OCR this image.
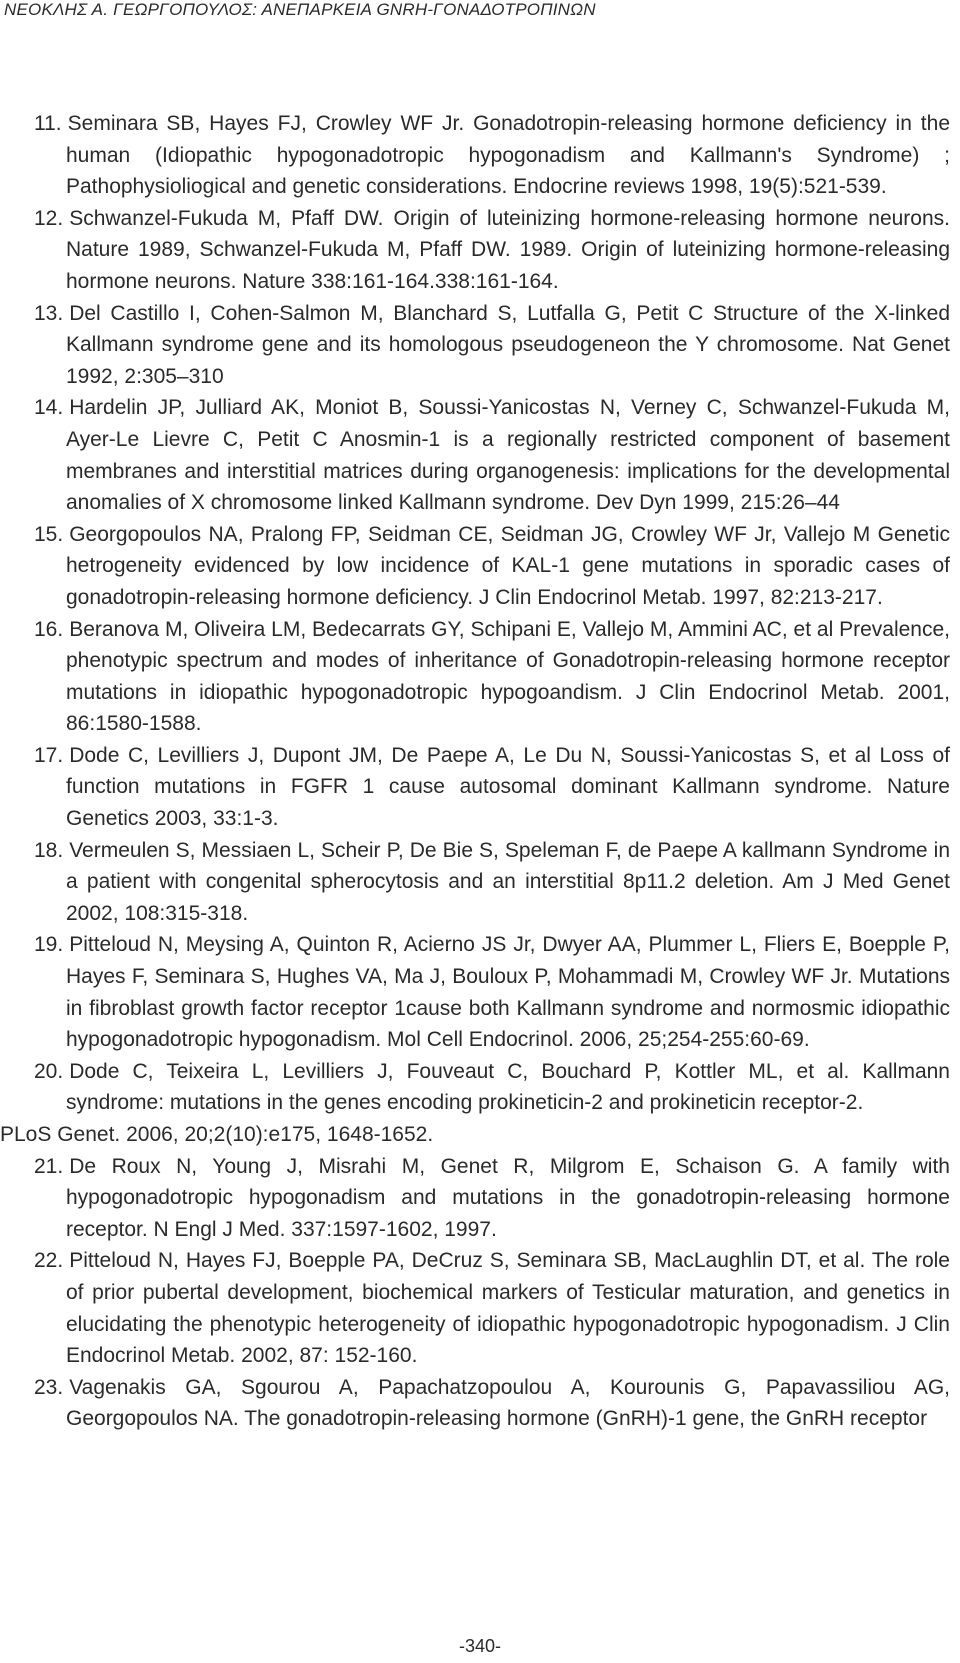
ΝΕΟΚΛΗΣ Α. ΓΕΩΡΓΟΠΟΥΛΟΣ: ΑΝΕΠΑΡΚΕΙΑ GNRH-ΓΟΝΑΔΟΤΡΟΠΙΝΩΝ
11. Seminara SB, Hayes FJ, Crowley WF Jr. Gonadotropin-releasing hormone deficiency in the human (Idiopathic hypogonadotropic hypogonadism and Kallmann's Syndrome) ; Pathophysioliogical and genetic considerations. Endocrine reviews 1998, 19(5):521-539.
12. Schwanzel-Fukuda M, Pfaff DW. Origin of luteinizing hormone-releasing hormone neurons. Nature 1989, Schwanzel-Fukuda M, Pfaff DW. 1989. Origin of luteinizing hormone-releasing hormone neurons. Nature 338:161-164.338:161-164.
13. Del Castillo I, Cohen-Salmon M, Blanchard S, Lutfalla G, Petit C Structure of the X-linked Kallmann syndrome gene and its homologous pseudogeneon the Y chromosome. Nat Genet 1992, 2:305–310
14. Hardelin JP, Julliard AK, Moniot B, Soussi-Yanicostas N, Verney C, Schwanzel-Fukuda M, Ayer-Le Lievre C, Petit C Anosmin-1 is a regionally restricted component of basement membranes and interstitial matrices during organogenesis: implications for the developmental anomalies of X chromosome linked Kallmann syndrome. Dev Dyn 1999, 215:26–44
15. Georgopoulos NA, Pralong FP, Seidman CE, Seidman JG, Crowley WF Jr, Vallejo M Genetic hetrogeneity evidenced by low incidence of KAL-1 gene mutations in sporadic cases of gonadotropin-releasing hormone deficiency. J Clin Endocrinol Metab. 1997, 82:213-217.
16. Beranova M, Oliveira LM, Bedecarrats GY, Schipani E, Vallejo M, Ammini AC, et al Prevalence, phenotypic spectrum and modes of inheritance of Gonadotropin-releasing hormone receptor mutations in idiopathic hypogonadotropic hypogoandism. J Clin Endocrinol Metab. 2001, 86:1580-1588.
17. Dode C, Levilliers J, Dupont JM, De Paepe A, Le Du N, Soussi-Yanicostas S, et al Loss of function mutations in FGFR 1 cause autosomal dominant Kallmann syndrome. Nature Genetics 2003, 33:1-3.
18. Vermeulen S, Messiaen L, Scheir P, De Bie S, Speleman F, de Paepe A kallmann Syndrome in a patient with congenital spherocytosis and an interstitial 8p11.2 deletion. Am J Med Genet 2002, 108:315-318.
19. Pitteloud N, Meysing A, Quinton R, Acierno JS Jr, Dwyer AA, Plummer L, Fliers E, Boepple P, Hayes F, Seminara S, Hughes VA, Ma J, Bouloux P, Mohammadi M, Crowley WF Jr. Mutations in fibroblast growth factor receptor 1cause both Kallmann syndrome and normosmic idiopathic hypogonadotropic hypogonadism. Mol Cell Endocrinol. 2006, 25;254-255:60-69.
20. Dode C, Teixeira L, Levilliers J, Fouveaut C, Bouchard P, Kottler ML, et al. Kallmann syndrome: mutations in the genes encoding prokineticin-2 and prokineticin receptor-2.
PLoS Genet. 2006, 20;2(10):e175, 1648-1652.
21. De Roux N, Young J, Misrahi M, Genet R, Milgrom E, Schaison G. A family with hypogonadotropic hypogonadism and mutations in the gonadotropin-releasing hormone receptor. N Engl J Med. 337:1597-1602, 1997.
22. Pitteloud N, Hayes FJ, Boepple PA, DeCruz S, Seminara SB, MacLaughlin DT, et al. The role of prior pubertal development, biochemical markers of Testicular maturation, and genetics in elucidating the phenotypic heterogeneity of idiopathic hypogonadotropic hypogonadism. J Clin Endocrinol Metab. 2002, 87: 152-160.
23. Vagenakis GA, Sgourou A, Papachatzopoulou A, Kourounis G, Papavassiliou AG, Georgopoulos NA. The gonadotropin-releasing hormone (GnRH)-1 gene, the GnRH receptor
-340-
